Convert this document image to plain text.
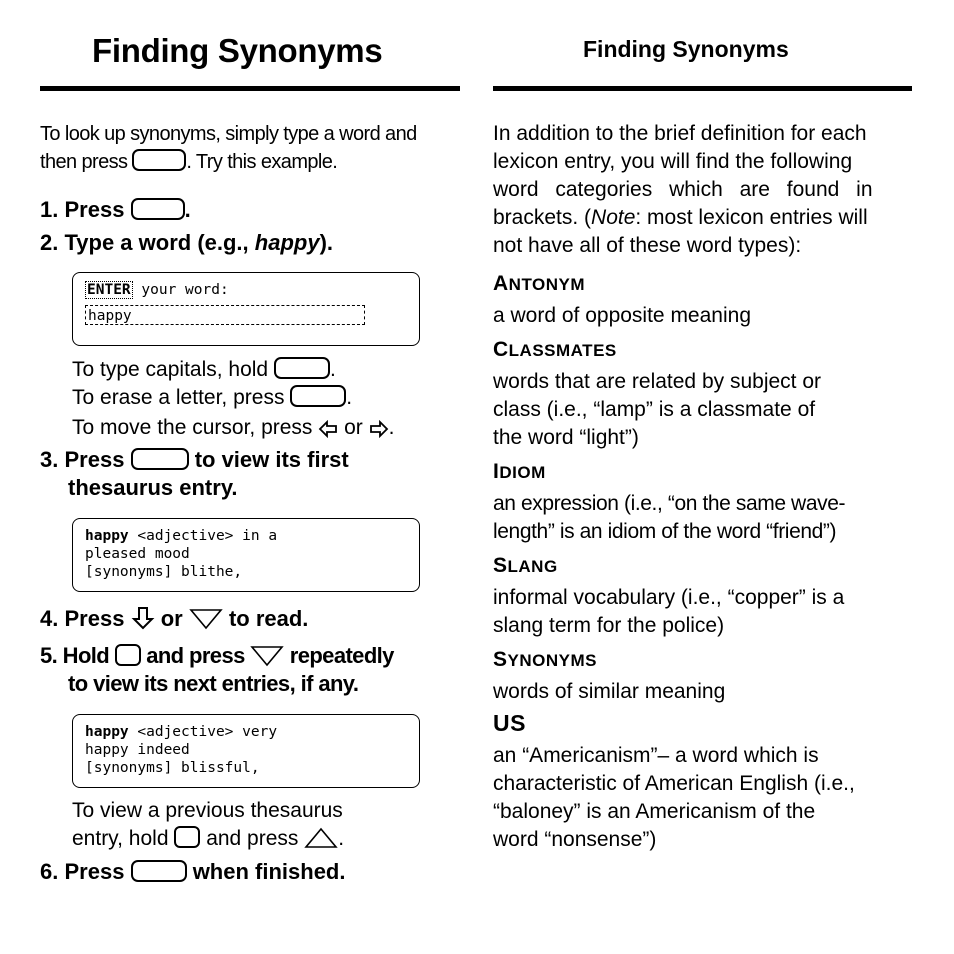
Finding Synonyms
To look up synonyms, simply type a word and
then press	. Try this example.
1. Press	.
2. Type a word (e.g., happy).
ENTER your word:
happy
To type capitals, hold	.
To erase a letter, press	.
To move the cursor, press or .
3. Press	to view its first
thesaurus entry.
happy <adjective> in a
pleased mood
[synonyms] blithe,
4. Press or to read.
5. Hold and press repeatedly
to view its next entries, if any.
happy <adjective> very
happy indeed
[synonyms] blissful,
To view a previous thesaurus
entry, hold and press .
6. Press	when finished.
Finding Synonyms
In addition to the brief definition for each
lexicon entry, you will find the following
word categories which are found in
brackets. (Note: most lexicon entries will
not have all of these word types):
ANTONYM
a word of opposite meaning
CLASSMATES
words that are related by subject or
class (i.e., “lamp” is a classmate of
the word “light”)
IDIOM
an expression (i.e., “on the same wave-
length” is an idiom of the word “friend”)
SLANG
informal vocabulary (i.e., “copper” is a
slang term for the police)
SYNONYMS
words of similar meaning
US
an “Americanism”– a word which is
characteristic of American English (i.e.,
“baloney” is an Americanism of the
word “nonsense”)
